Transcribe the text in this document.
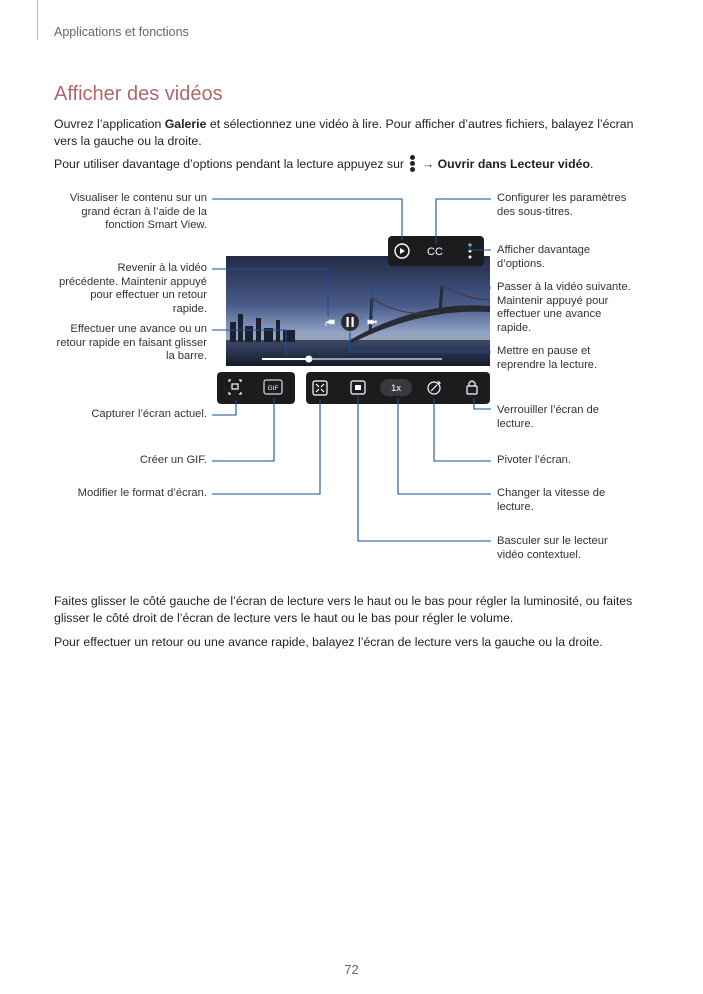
Applications et fonctions
Afficher des vidéos

Ouvrez l’application Galerie et sélectionnez une vidéo à lire. Pour afficher d’autres fichiers, balayez l’écran vers la gauche ou la droite.

Pour utiliser davantage d’options pendant la lecture appuyez sur
→ Ouvrir dans Lecteur vidéo.

CC
GIF	1x
Visualiser le contenu sur un grand écran à l’aide de la fonction Smart View.
Revenir à la vidéo précédente. Maintenir appuyé pour effectuer un retour rapide.
Effectuer une avance ou un retour rapide en faisant glisser la barre.
Capturer l’écran actuel.
Créer un GIF.
Modifier le format d’écran.
Configurer les paramètres des sous-titres.
Afficher davantage d’options.
Passer à la vidéo suivante. Maintenir appuyé pour effectuer une avance rapide.
Mettre en pause et reprendre la lecture.
Verrouiller l’écran de lecture.
Pivoter l’écran.
Changer la vitesse de lecture.
Basculer sur le lecteur vidéo contextuel.

Faites glisser le côté gauche de l’écran de lecture vers le haut ou le bas pour régler la luminosité, ou faites glisser le côté droit de l’écran de lecture vers le haut ou le bas pour régler le volume.

Pour effectuer un retour ou une avance rapide, balayez l’écran de lecture vers la gauche ou la droite.

72
